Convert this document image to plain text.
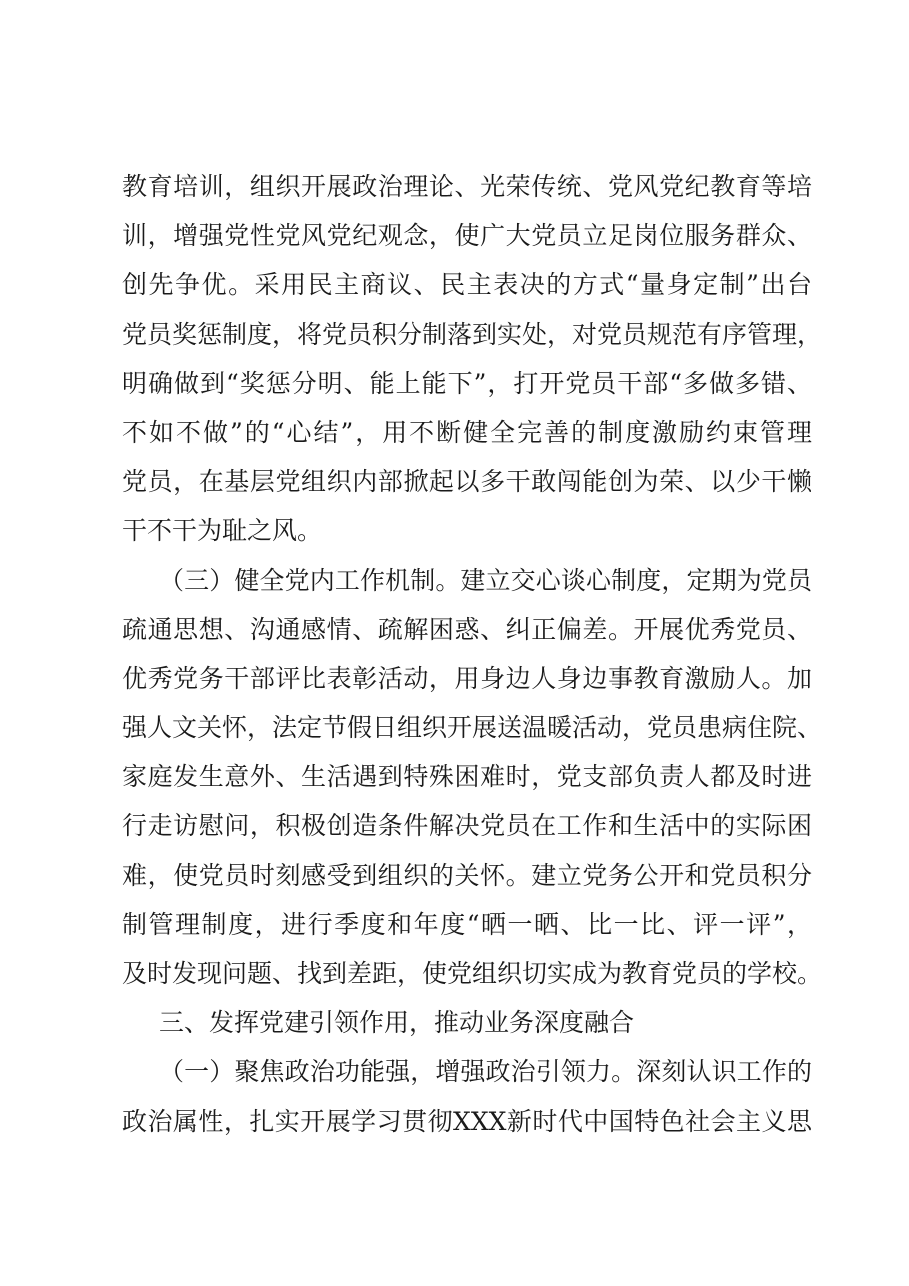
教育培训，组织开展政治理论、光荣传统、党风党纪教育等培
训，增强党性党风党纪观念，使广大党员立足岗位服务群众、
创先争优。采用民主商议、民主表决的方式“量身定制”出台
党员奖惩制度，将党员积分制落到实处，对党员规范有序管理，
明确做到“奖惩分明、能上能下”，打开党员干部“多做多错、
不如不做”的“心结”，用不断健全完善的制度激励约束管理
党员，在基层党组织内部掀起以多干敢闯能创为荣、以少干懒
干不干为耻之风。
（三）健全党内工作机制。建立交心谈心制度，定期为党员
疏通思想、沟通感情、疏解困惑、纠正偏差。开展优秀党员、
优秀党务干部评比表彰活动，用身边人身边事教育激励人。加
强人文关怀，法定节假日组织开展送温暖活动，党员患病住院、
家庭发生意外、生活遇到特殊困难时，党支部负责人都及时进
行走访慰问，积极创造条件解决党员在工作和生活中的实际困
难，使党员时刻感受到组织的关怀。建立党务公开和党员积分
制管理制度，进行季度和年度“晒一晒、比一比、评一评”，
及时发现问题、找到差距，使党组织切实成为教育党员的学校。
三、发挥党建引领作用，推动业务深度融合
（一）聚焦政治功能强，增强政治引领力。深刻认识工作的
政治属性，扎实开展学习贯彻XXX新时代中国特色社会主义思
